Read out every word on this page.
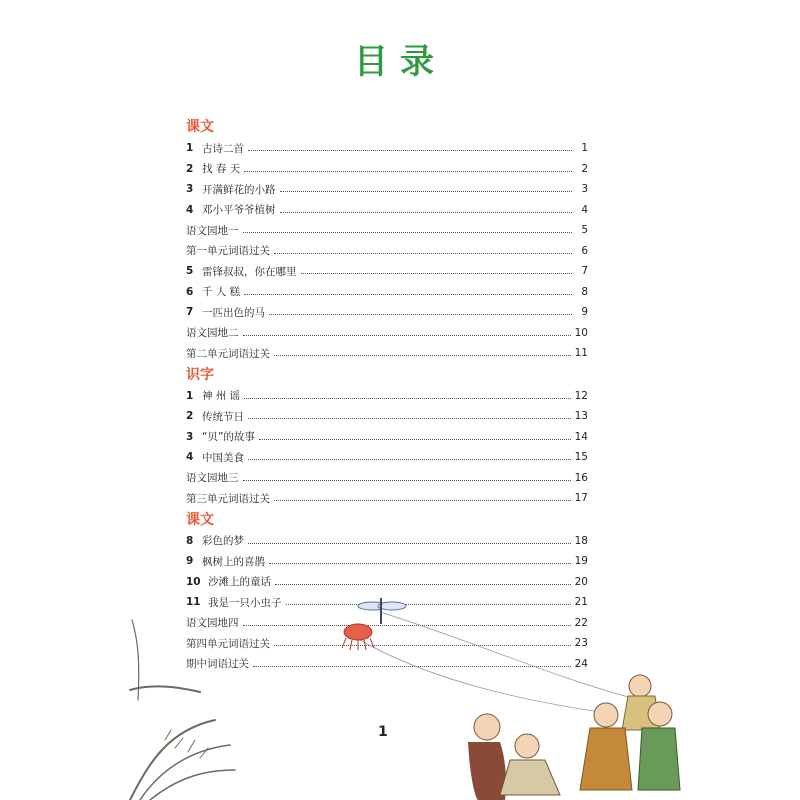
目录
课文
1 古诗二首	1
2 找 春 天	2
3 开满鲜花的小路	3
4 邓小平爷爷植树	4
语文园地一	5
第一单元词语过关	6
5 雷锋叔叔，你在哪里	7
6 千 人 糕	8
7 一匹出色的马	9
语文园地二	10
第二单元词语过关	11
识字
1 神 州 谣	12
2 传统节日	13
3 “贝”的故事	14
4 中国美食	15
语文园地三	16
第三单元词语过关	17
课文
8 彩色的梦	18
9 枫树上的喜鹊	19
10 沙滩上的童话	20
11 我是一只小虫子	21
语文园地四	22
第四单元词语过关	23
期中词语过关	24
1
